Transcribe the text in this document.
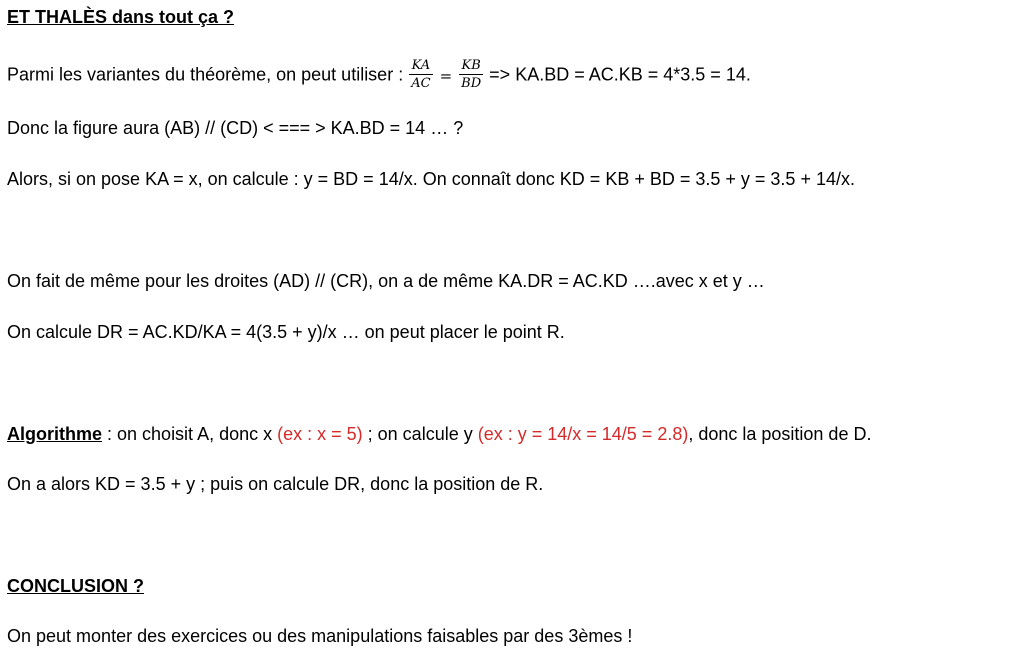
ET THALÈS dans tout ça ?
Parmi les variantes du théorème, on peut utiliser : $\frac{KA}{AC} = \frac{KB}{BD} => KA.BD = AC.KB = 4*3.5 = 14$.
Donc la figure aura (AB) // (CD) < === > KA.BD = 14 … ?
Alors, si on pose KA = x, on calcule : y = BD = 14/x. On connaît donc KD = KB + BD = 3.5 + y = 3.5 + 14/x.
On fait de même pour les droites (AD) // (CR), on a de même KA.DR = AC.KD ….avec x et y …
On calcule DR = AC.KD/KA = 4(3.5 + y)/x … on peut placer le point R.
Algorithme : on choisit A, donc x (ex : x = 5) ; on calcule y (ex : y = 14/x = 14/5 = 2.8), donc la position de D.
On a alors KD = 3.5 + y ; puis on calcule DR, donc la position de R.
CONCLUSION ?
On peut monter des exercices ou des manipulations faisables par des 3èmes !
